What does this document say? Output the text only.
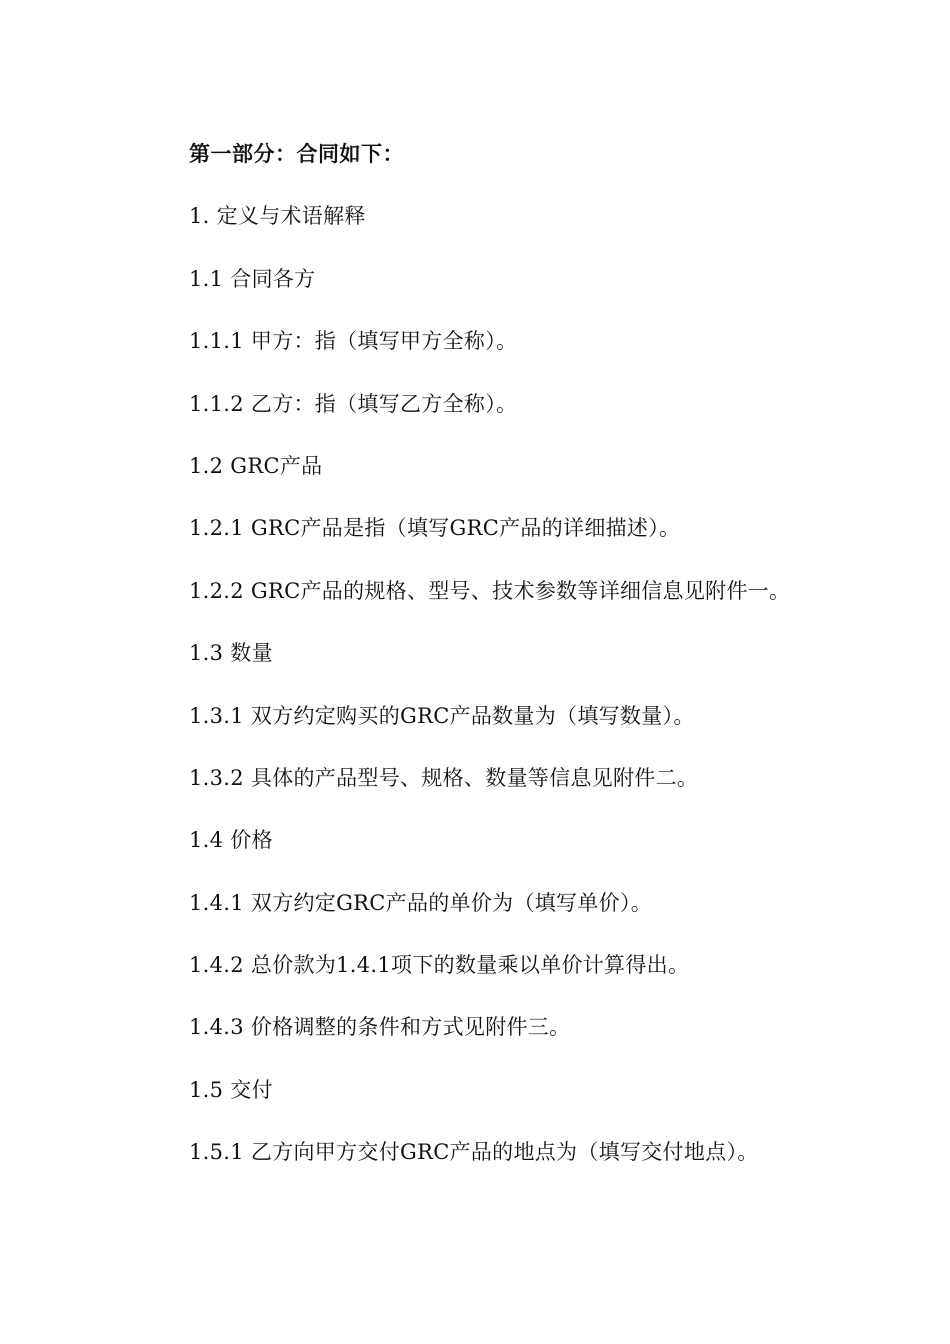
第一部分：合同如下：
1. 定义与术语解释
1.1 合同各方
1.1.1 甲方：指（填写甲方全称）。
1.1.2 乙方：指（填写乙方全称）。
1.2 GRC产品
1.2.1 GRC产品是指（填写GRC产品的详细描述）。
1.2.2 GRC产品的规格、型号、技术参数等详细信息见附件一。
1.3 数量
1.3.1 双方约定购买的GRC产品数量为（填写数量）。
1.3.2 具体的产品型号、规格、数量等信息见附件二。
1.4 价格
1.4.1 双方约定GRC产品的单价为（填写单价）。
1.4.2 总价款为1.4.1项下的数量乘以单价计算得出。
1.4.3 价格调整的条件和方式见附件三。
1.5 交付
1.5.1 乙方向甲方交付GRC产品的地点为（填写交付地点）。
